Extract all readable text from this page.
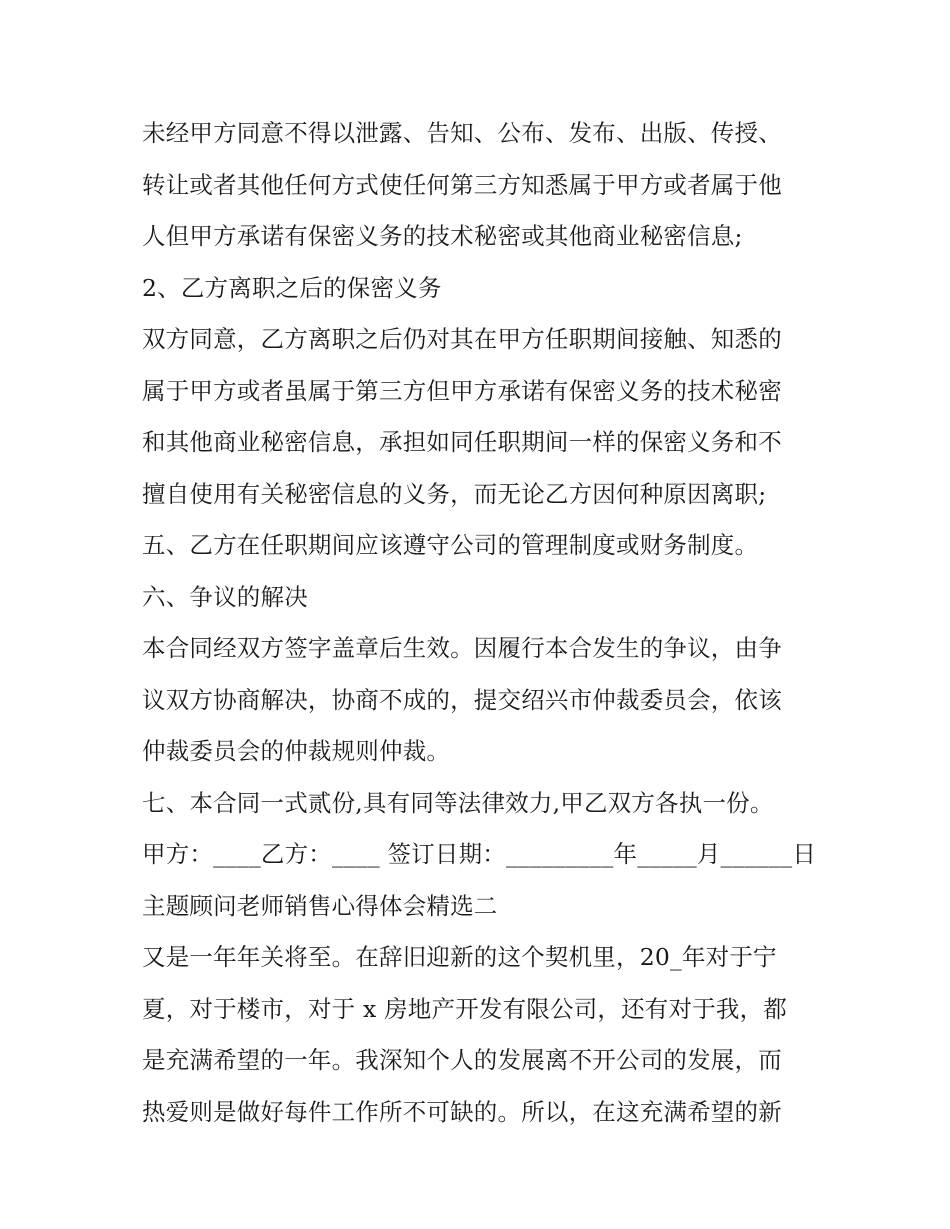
未经甲方同意不得以泄露、告知、公布、发布、出版、传授、
转让或者其他任何方式使任何第三方知悉属于甲方或者属于他
人但甲方承诺有保密义务的技术秘密或其他商业秘密信息;
2、乙方离职之后的保密义务
双方同意，乙方离职之后仍对其在甲方任职期间接触、知悉的
属于甲方或者虽属于第三方但甲方承诺有保密义务的技术秘密
和其他商业秘密信息，承担如同任职期间一样的保密义务和不
擅自使用有关秘密信息的义务，而无论乙方因何种原因离职;
五、乙方在任职期间应该遵守公司的管理制度或财务制度。
六、争议的解决
本合同经双方签字盖章后生效。因履行本合发生的争议，由争
议双方协商解决，协商不成的，提交绍兴市仲裁委员会，依该
仲裁委员会的仲裁规则仲裁。
七、本合同一式贰份,具有同等法律效力,甲乙双方各执一份。
甲方：____乙方：____ 签订日期：_________年_____月______日
主题顾问老师销售心得体会精选二
又是一年年关将至。在辞旧迎新的这个契机里，20_年对于宁
夏，对于楼市，对于 x 房地产开发有限公司，还有对于我，都
是充满希望的一年。我深知个人的发展离不开公司的发展，而
热爱则是做好每件工作所不可缺的。所以，在这充满希望的新
